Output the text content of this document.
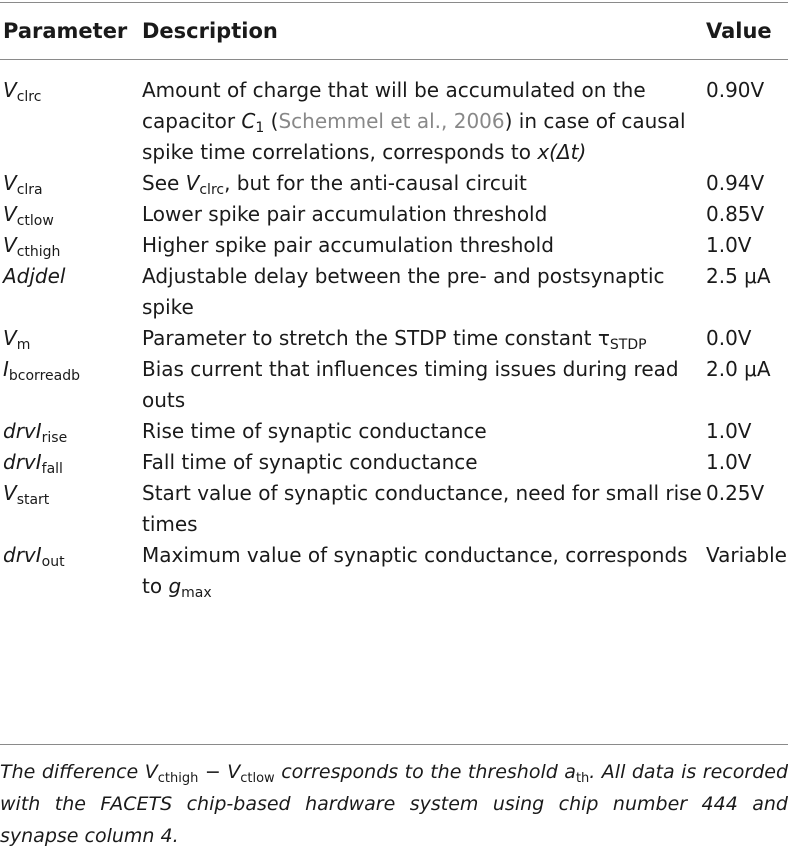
Parameter	Description	Value
$V_{clrc}$	Amount of charge that will be accumulated on the capacitor $C_1$ (Schemmel et al., 2006) in case of causal spike time correlations, corresponds to x(Δt)	0.90V
$V_{clra}$	See $V_{clrc}$, but for the anti-causal circuit	0.94V
$V_{ctlow}$	Lower spike pair accumulation threshold	0.85V
$V_{cthigh}$	Higher spike pair accumulation threshold	1.0V
Adjdel	Adjustable delay between the pre- and postsynaptic spike	2.5 μA
$V_m$	Parameter to stretch the STDP time constant $\tau_{STDP}$	0.0V
$I_{bcorreadb}$	Bias current that influences timing issues during read outs	2.0 μA
drvI$_{rise}$	Rise time of synaptic conductance	1.0V
drvI$_{fall}$	Fall time of synaptic conductance	1.0V
$V_{start}$	Start value of synaptic conductance, need for small rise times	0.25V
drvI$_{out}$	Maximum value of synaptic conductance, corresponds to $g_{max}$	Variable
The difference $V_{cthigh} - V_{ctlow}$ corresponds to the threshold $a_{th}$. All data is recorded with the FACETS chip-based hardware system using chip number 444 and synapse column 4.
